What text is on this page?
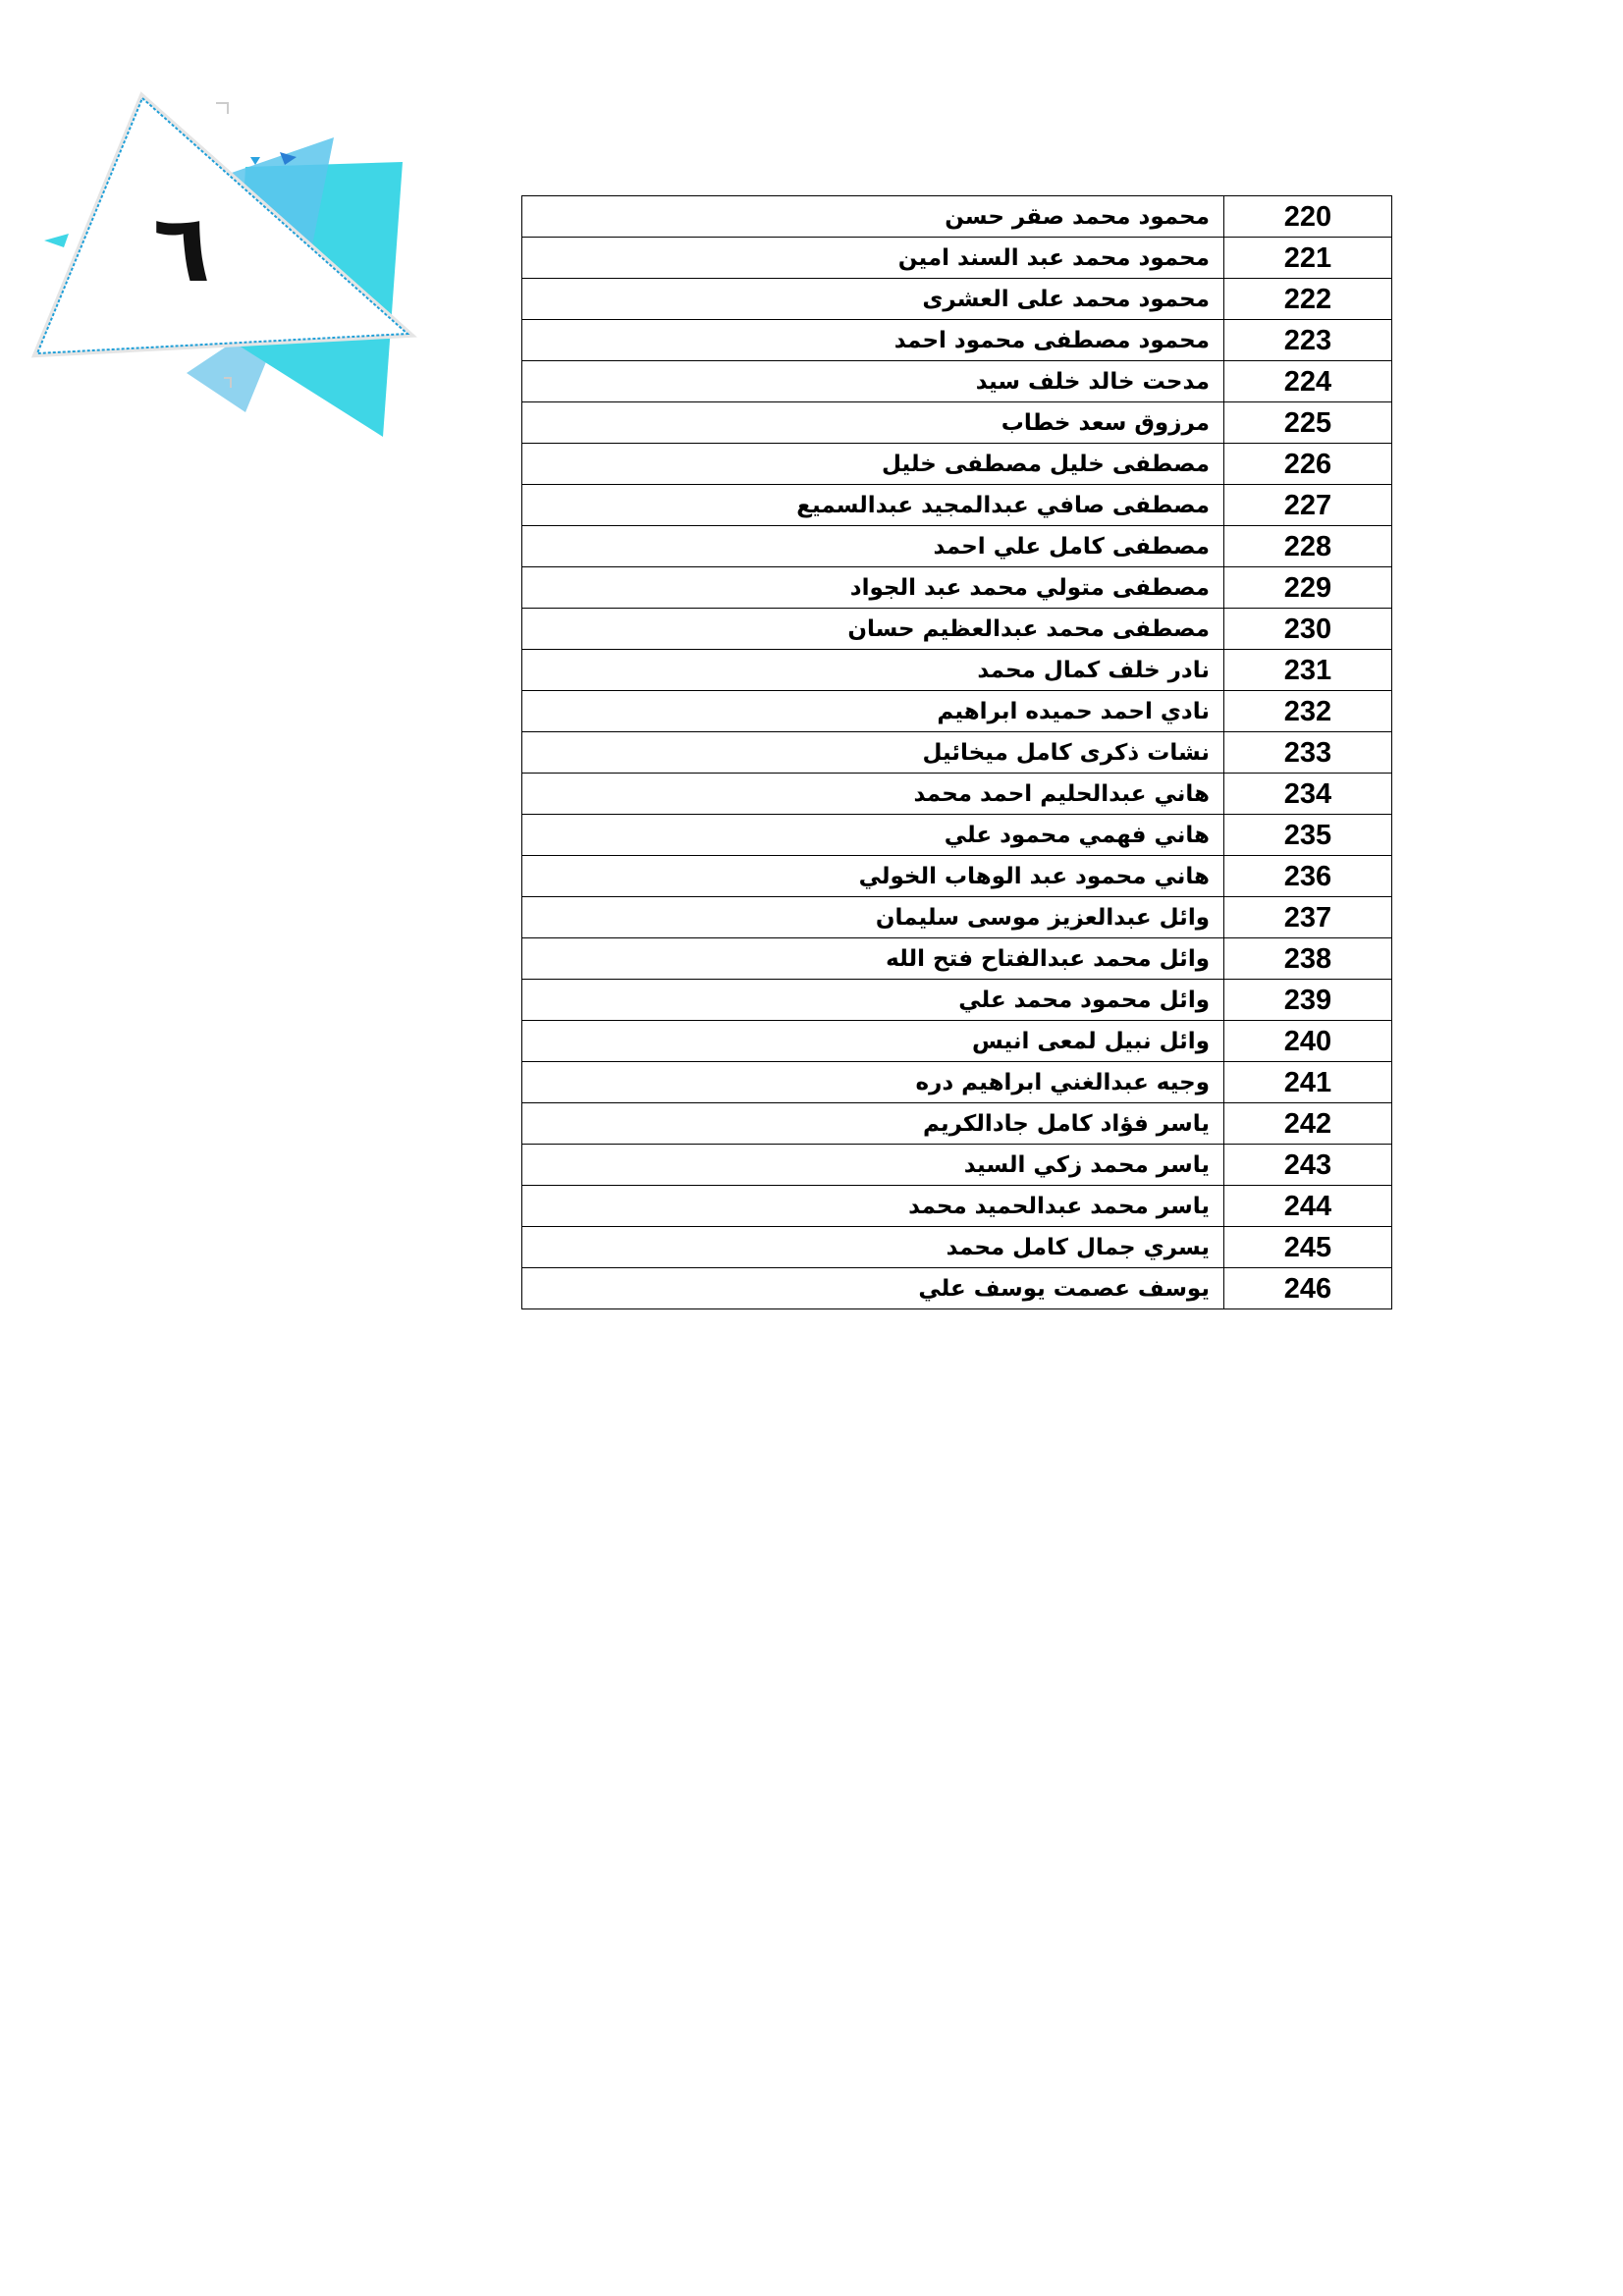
٦	محمود محمد صقر حسن	220
محمود محمد عبد السند امين	221
محمود محمد على العشرى	222
محمود مصطفى محمود احمد	223
مدحت خالد خلف سيد	224
مرزوق سعد خطاب	225
مصطفى خليل مصطفى خليل	226
مصطفى صافي عبدالمجيد عبدالسميع	227
مصطفى كامل علي احمد	228
مصطفى متولي محمد عبد الجواد	229
مصطفى محمد عبدالعظيم حسان	230
نادر خلف كمال محمد	231
نادي احمد حميده ابراهيم	232
نشات ذكرى كامل ميخائيل	233
هاني عبدالحليم احمد محمد	234
هاني فهمي محمود علي	235
هاني محمود عبد الوهاب الخولي	236
وائل عبدالعزيز موسى سليمان	237
وائل محمد عبدالفتاح فتح الله	238
وائل محمود محمد علي	239
وائل نبيل لمعى انيس	240
وجيه عبدالغني ابراهيم دره	241
ياسر فؤاد كامل جادالكريم	242
ياسر محمد زكي السيد	243
ياسر محمد عبدالحميد محمد	244
يسري جمال كامل محمد	245
يوسف عصمت يوسف علي	246
